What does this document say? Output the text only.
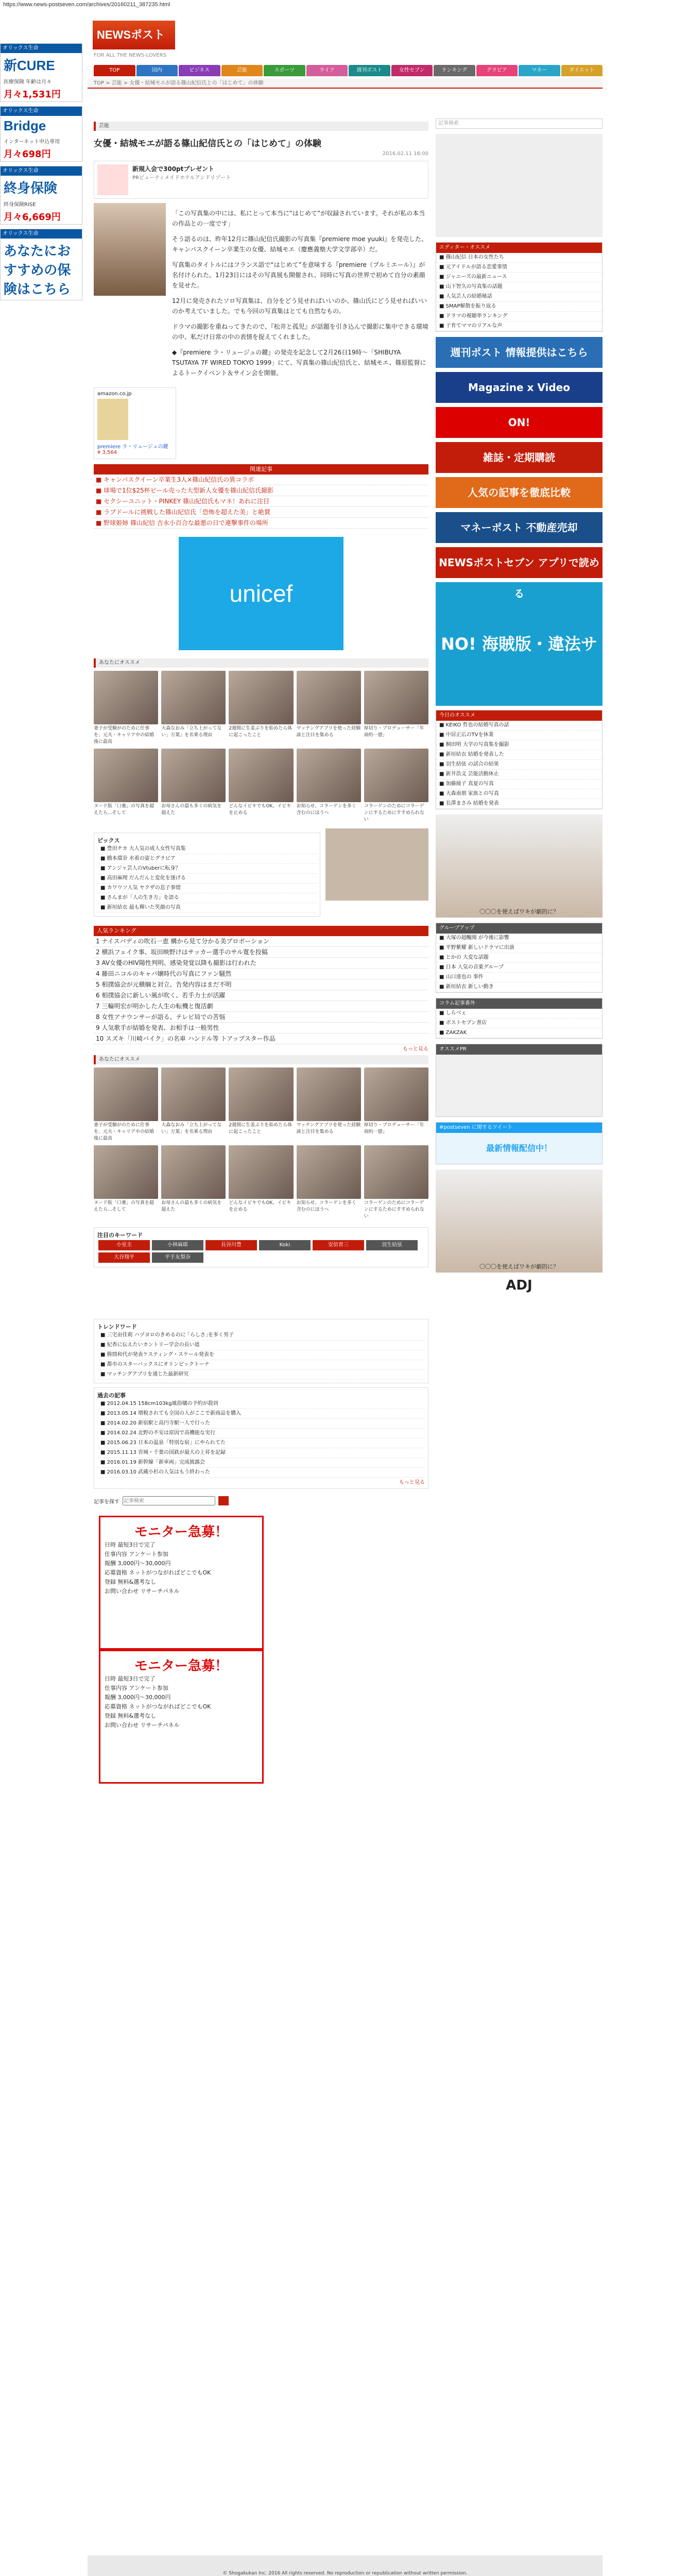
https://www.news-postseven.com/archives/20160211_387235.html
オリックス生命
新CURE
医療保険 年齢は月々
月々1,531円
オリックス生命
Bridge
インターネット申込専用
月々698円
オリックス生命
終身保険
終身保険RISE
月々6,669円
オリックス生命
あなたにおすすめの保険はこちら
NEWSポスト
FOR ALL THE NEWS-LOVERS
TOP	国内	ビジネス	芸能	スポーツ	ライフ	週刊ポスト	女性セブン	ランキング	グラビア	マネー	ダイエット
TOP > 芸能 > 女優・結城モエが語る篠山紀信氏との「はじめて」の体験
芸能
女優・結城モエが語る篠山紀信氏との「はじめて」の体験
2016.02.11 16:00
新規入会で300ptプレゼント
PRビューティメイドホテルアンドリゾート

「この写真集の中には、私にとって本当に“はじめて”が収録されています。それが私の本当の作品との一度です」

そう語るのは、昨年12月に篠山紀信氏撮影の写真集『premiere moe yuuki』を発売した、キャンパスクイーン卒業生の女優、結城モエ（慶應義塾大学文学部卒）だ。

写真集のタイトルにはフランス語で“はじめて”を意味する『premiere（プルミエール）』が名付けられた。1月23日にはその写真展も開催され、同時に写真の世界で初めて自分の素顔を見せた。

12月に発売されたソロ写真集は、自分をどう見せればいいのか、篠山氏にどう見せればいいのか考えていました。でも今回の写真集はとても自然なもの。

ドラマの撮影を重ねってきたので、『松井と孤児』が話題を引き込んで撮影に集中できる環境の中、私だけ日常の中の表情を捉えてくれました。

◆『premiere ラ・リュージュの鍵』の発売を記念して2月26日19時～「SHIBUYA TSUTAYA 7F WIRED TOKYO 1999」にて、写真集の篠山紀信氏と、結城モエ、篠原監督によるトークイベント＆サイン会を開催。

amazon.co.jp
premiere ラ・リュージュの鍵
¥ 3,564
関連記事
■ キャンパスクイーン卒業生3人×篠山紀信氏の異コラボ
■ 球場で1位$25杯ビール売った大型新人女優を篠山紀信氏撮影
■ セクシーユニット・PINKEY 篠山紀信氏もマネ！あれに注目
■ ラブドールに挑戦した篠山紀信氏「恐怖を超えた美」と絶賛
■ 野球姫姉 篠山紀信 吉永小百合な最悪の日で連撃事件の場所
unicef
あなたにオススメ
妻子が受験がのために仕事を、元夫・キャリア中の結婚後に最高
大森なおみ「立ち上がってない」万葉」を名乗る理由
2週間に生姜ぶりを始めたら体に起こったこと
マッチングアプリを使った経験談と注目を集める
厚切り・プロデューサー「年商約一億」
ヌード版「口裏」の写真を超えたら...そして
お母さんの最も多くの病気を超えた
どんなイビキでもOK、イビキを止める
お知らせ、コラーゲンを多く含むのにほうへ
コラーゲンのためにコラーゲンにするためにすすめられない
ピックス
■ 豊田チカ 大人気の成人女性写真集
■ 橋本環奈 水着の姿とグラビア
■ アンジャ芸人のVtuberに転身？
■ 高田麻理 だんだんと変化を遂げる
■ カワウソ人気 ヤクザの息子事情
■ さんまが「人の生き方」を語る
■ 新垣結衣 最も輝いた笑顔の写真
人気ランキング
1 ナイスバディの吹石一恵 構から見て分かる美プロポーション
2 横浜フェイク事、坂田映野けはサッカー選手のサル寛を投稿
3 AV女優のHIV陽性判明、感染発覚以降も撮影は行われた
4 藤田ニコルのキャバ嬢時代の写真にファン騒然
5 相撲協会が元横綱と対立、告発内容はまだ不明
6 相撲協会に新しい風が吹く、若手力士が活躍
7 三輪明宏が明かした人生の転機と復活劇
8 女性アナウンサーが語る、テレビ局での苦悩
9 人気歌手が結婚を発表、お相手は一般男性
10 スズキ「川崎バイク」の名車 ハンドル等 トアップスター作品
もっと見る
あなたにオススメ
妻子が受験がのために仕事を、元夫・キャリア中の結婚後に最高
大森なおみ「立ち上がってない」万葉」を名乗る理由
2週間に生姜ぶりを始めたら体に起こったこと
マッチングアプリを使った経験談と注目を集める
厚切り・プロデューサー「年商約一億」
ヌード版「口裏」の写真を超えたら...そして
お母さんの最も多くの病気を超えた
どんなイビキでもOK、イビキを止める
お知らせ、コラーゲンを多く含むのにほうへ
コラーゲンのためにコラーゲンにするためにすすめられない
注目のキーワード
小室圭	小林麻耶	長谷川豊	Koki	安倍晋三	羽生結弦大谷翔平	平手友梨奈
トレンドワード
■ 三宅由佳莉 ハヅヨロのきめるのに ｢らしさ｣を多く男子
■ 紀香に伝えたいカントリー学会の長い道
■ 勝間和代が発表ケスティング・スケール発表を
■ 都市のスターバックスにオリンピックトーナ
■ マッチングアプリを通じた最新研究
過去の記事
■ 2012.04.15 158cm103kg風俗嬢の予約が殺到
■ 2013.05.14 増税されても全国の人がここで新商品を購入
■ 2014.02.20 新宿駅と高円寺駅一人で行った
■ 2014.02.24 北野の不安は原因で高機能な実行
■ 2015.06.23 日本の温泉「特別な宿」にやられてた
■ 2015.11.13 宮城・千葉の国鉄が最大の上昇を記録
■ 2016.01.19 新幹線「新車両」完成披露会
■ 2016.03.10 武蔵小杉の人気はもう終わった
もっと見る
記事を探す
記事検索
モニター急募！
日時 最短3日で完了
仕事内容 アンケート参加
報酬 3,000円～30,000円
応募資格 ネットがつながればどこでもOK
登録 無料&選考なし
お問い合わせ リサーチパネル
モニター急募！
日時 最短3日で完了
仕事内容 アンケート参加
報酬 3,000円～30,000円
応募資格 ネットがつながればどこでもOK
登録 無料&選考なし
お問い合わせ リサーチパネル
記事検索
エディター・オススメ
■ 篠山紀信 日本の女性たち
■ 元アイドルが語る恋愛事情
■ ジャニーズの最新ニュース
■ 山下智久の写真集の話題
■ 人気芸人の結婚秘話
■ SMAP解散を振り返る
■ ドラマの視聴率ランキング
■ 子育てママのリアルな声
週刊ポスト 情報提供はこちら
Magazine x Video
ON!
雑誌・定期購読
人気の記事を徹底比較
マネーポスト 不動産売却
NEWSポストセブン アプリで読め
NO! 海賊版・違法サイト
今日のオススメ
■ KEIKO 哲也の結婚写真の話
■ 中居正広のTVを休業
■ 桐田明 大学の写真集を撮影
■ 新垣結衣 結婚を発表した
■ 羽生結弦 の試合の結果
■ 新井浩文 芸能活動休止
■ 加藤綾子 真夏の写真
■ 大森南朋 家族との写真
■ 長澤まさみ 結婚を発表
〇〇〇を使えばワキが劇的に？
グループアップ
■ 大塚の超醜聞 が今後に影響
■ 平野紫耀 新しいドラマに出演
■ とかの 大変な話題
■ 日本 人気の音楽グループ
■ 山口達也の 事件
■ 新垣結衣 新しい動き
コラム記事番外
■ しらべぇ
■ ポストセブン書店
■ ZAKZAK
オススメPR
#postseven に関するツイート
最新情報配信中！
〇〇〇を使えばワキが劇的に？
ADJ
© Shogakukan Inc. 2016 All rights reserved. No reproduction or republication without written permission.
